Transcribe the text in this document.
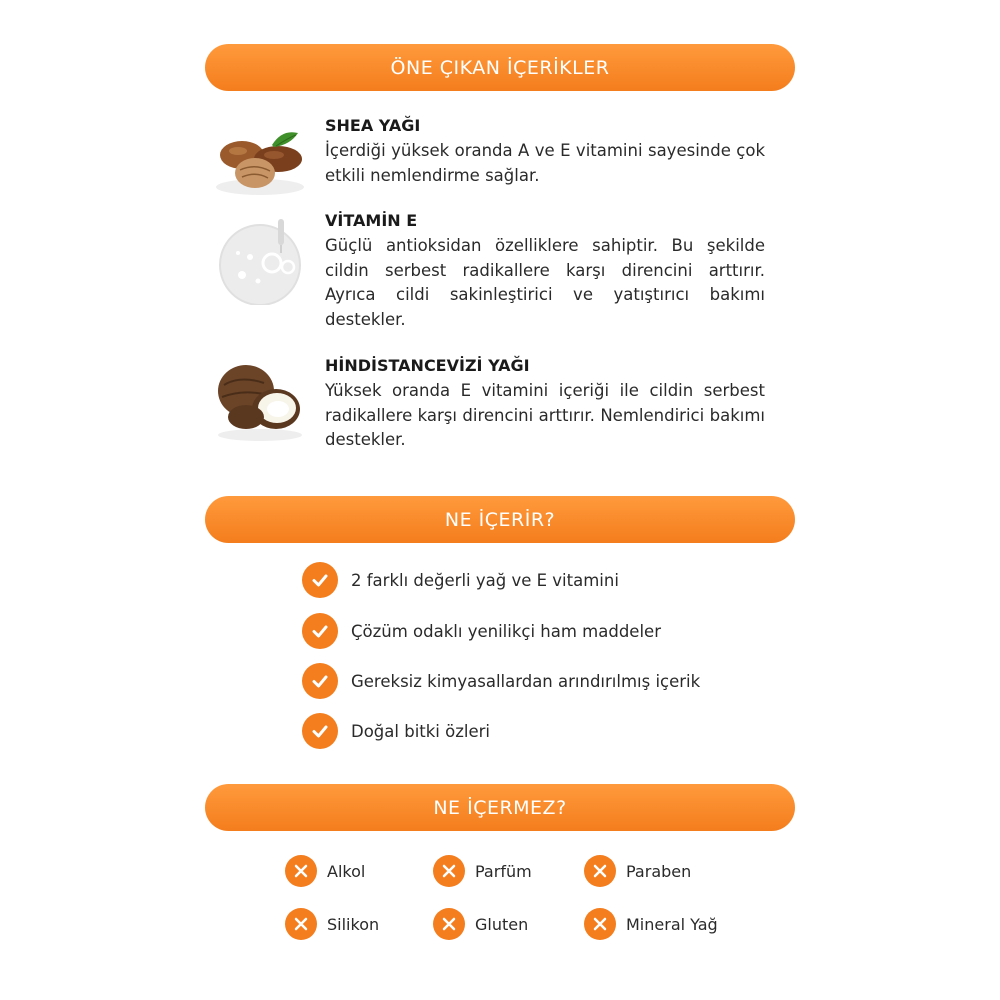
ÖNE ÇIKAN İÇERİKLER
SHEA YAĞI
İçerdiği yüksek oranda A ve E vitamini sayesinde çok etkili nemlendirme sağlar.
VİTAMİN E
Güçlü antioksidan özelliklere sahiptir. Bu şekilde cildin serbest radikallere karşı direncini arttırır. Ayrıca cildi sakinleştirici ve yatıştırıcı bakımı destekler.
HİNDİSTANCEVİZİ YAĞI
Yüksek oranda E vitamini içeriği ile cildin serbest radikallere karşı direncini arttırır. Nemlendirici bakımı destekler.
NE İÇERİR?
2 farklı değerli yağ ve E vitamini
Çözüm odaklı yenilikçi ham maddeler
Gereksiz kimyasallardan arındırılmış içerik
Doğal bitki özleri
NE İÇERMEZ?
Alkol	Parfüm	Paraben
Silikon	Gluten	Mineral Yağ
